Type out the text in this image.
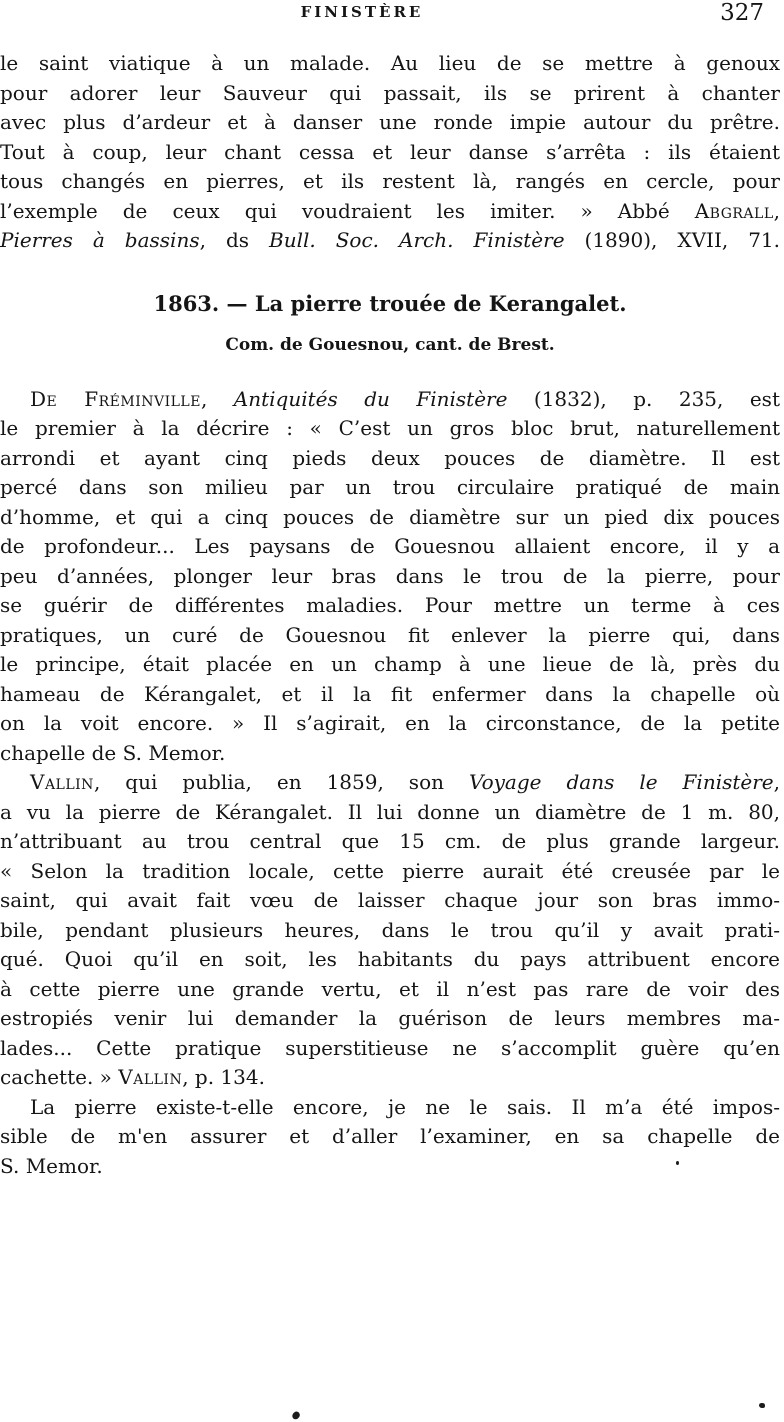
FINISTÈRE	327
le saint viatique à un malade. Au lieu de se mettre à genoux
pour adorer leur Sauveur qui passait, ils se prirent à chanter
avec plus d’ardeur et à danser une ronde impie autour du prêtre.
Tout à coup, leur chant cessa et leur danse s’arrêta : ils étaient
tous changés en pierres, et ils restent là, rangés en cercle, pour
l’exemple de ceux qui voudraient les imiter. » Abbé Abgrall,
Pierres à bassins, ds Bull. Soc. Arch. Finistère (1890), XVII, 71.
1863. — La pierre trouée de Kerangalet.
Com. de Gouesnou, cant. de Brest.
De Fréminville, Antiquités du Finistère (1832), p. 235, est
le premier à la décrire : « C’est un gros bloc brut, naturellement
arrondi et ayant cinq pieds deux pouces de diamètre. Il est
percé dans son milieu par un trou circulaire pratiqué de main
d’homme, et qui a cinq pouces de diamètre sur un pied dix pouces
de profondeur... Les paysans de Gouesnou allaient encore, il y a
peu d’années, plonger leur bras dans le trou de la pierre, pour
se guérir de différentes maladies. Pour mettre un terme à ces
pratiques, un curé de Gouesnou fit enlever la pierre qui, dans
le principe, était placée en un champ à une lieue de là, près du
hameau de Kérangalet, et il la fit enfermer dans la chapelle où
on la voit encore. » Il s’agirait, en la circonstance, de la petite
chapelle de S. Memor.
Vallin, qui publia, en 1859, son Voyage dans le Finistère,
a vu la pierre de Kérangalet. Il lui donne un diamètre de 1 m. 80,
n’attribuant au trou central que 15 cm. de plus grande largeur.
« Selon la tradition locale, cette pierre aurait été creusée par le
saint, qui avait fait vœu de laisser chaque jour son bras immo-
bile, pendant plusieurs heures, dans le trou qu’il y avait prati-
qué. Quoi qu’il en soit, les habitants du pays attribuent encore
à cette pierre une grande vertu, et il n’est pas rare de voir des
estropiés venir lui demander la guérison de leurs membres ma-
lades... Cette pratique superstitieuse ne s’accomplit guère qu’en
cachette. » Vallin, p. 134.
La pierre existe-t-elle encore, je ne le sais. Il m’a été impos-
sible de m'en assurer et d’aller l’examiner, en sa chapelle de
S. Memor.
